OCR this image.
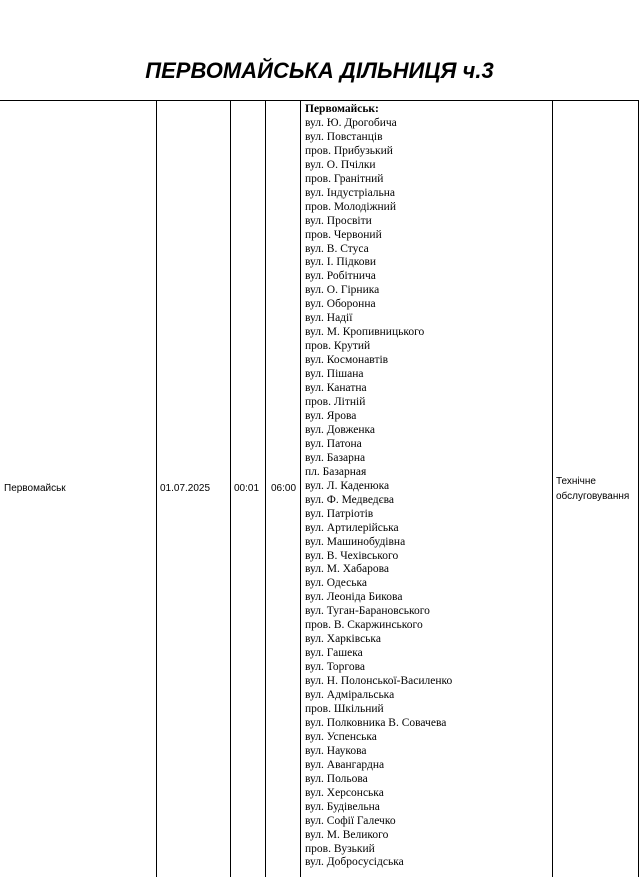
ПЕРВОМАЙСЬКА ДІЛЬНИЦЯ ч.3
Первомайськ	01.07.2025 00:01 06:00
Первомайськ:
вул. Ю. Дрогобича
вул. Повстанців
пров. Прибузький
вул. О. Пчілки
пров. Гранітний
вул. Індустріальна
пров. Молодіжний
вул. Просвіти
пров. Червоний
вул. В. Стуса
вул. І. Підкови
вул. Робітнича
вул. О. Гірника
вул. Оборонна
вул. Надії
вул. М. Кропивницького
пров. Крутий
вул. Космонавтів
вул. Пішана
вул. Канатна
пров. Літній
вул. Ярова
вул. Довженка
вул. Патона
вул. Базарна
пл. Базарная
вул. Л. Каденюка
вул. Ф. Медведєва
вул. Патріотів
вул. Артилерійська
вул. Машинобудівна
вул. В. Чехівського
вул. М. Хабарова
вул. Одеська
вул. Леоніда Бикова
вул. Туган-Барановського
пров. В. Скаржинського
вул. Харківська
вул. Гашека
вул. Торгова
вул. Н. Полонської-Василенко
вул. Адміральська
пров. Шкільний
вул. Полковника В. Совачева
вул. Успенська
вул. Наукова
вул. Авангардна
вул. Польова
вул. Херсонська
вул. Будівельна
вул. Софії Галечко
вул. М. Великого
пров. Вузький
вул. Добросусідська
Технічне обслуговування
